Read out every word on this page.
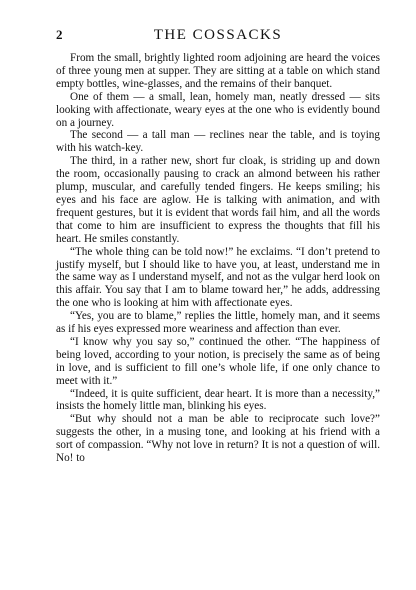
2	THE COSSACKS

From the small, brightly lighted room adjoining are heard the voices of three young men at supper. They are sitting at a table on which stand empty bottles, wine-glasses, and the remains of their banquet.

One of them — a small, lean, homely man, neatly dressed — sits looking with affectionate, weary eyes at the one who is evidently bound on a journey.

The second — a tall man — reclines near the table, and is toying with his watch-key.

The third, in a rather new, short fur cloak, is striding up and down the room, occasionally pausing to crack an almond between his rather plump, muscular, and carefully tended fingers. He keeps smiling; his eyes and his face are aglow. He is talking with animation, and with frequent gestures, but it is evident that words fail him, and all the words that come to him are insufficient to express the thoughts that fill his heart. He smiles constantly.

“The whole thing can be told now!” he exclaims. “I don’t pretend to justify myself, but I should like to have you, at least, understand me in the same way as I understand myself, and not as the vulgar herd look on this affair. You say that I am to blame toward her,” he adds, addressing the one who is looking at him with affectionate eyes.

“Yes, you are to blame,” replies the little, homely man, and it seems as if his eyes expressed more weariness and affection than ever.

“I know why you say so,” continued the other. “The happiness of being loved, according to your notion, is precisely the same as of being in love, and is sufficient to fill one’s whole life, if one only chance to meet with it.”

“Indeed, it is quite sufficient, dear heart. It is more than a necessity,” insists the homely little man, blinking his eyes.

“But why should not a man be able to reciprocate such love?” suggests the other, in a musing tone, and looking at his friend with a sort of compassion. “Why not love in return? It is not a question of will. No! to
